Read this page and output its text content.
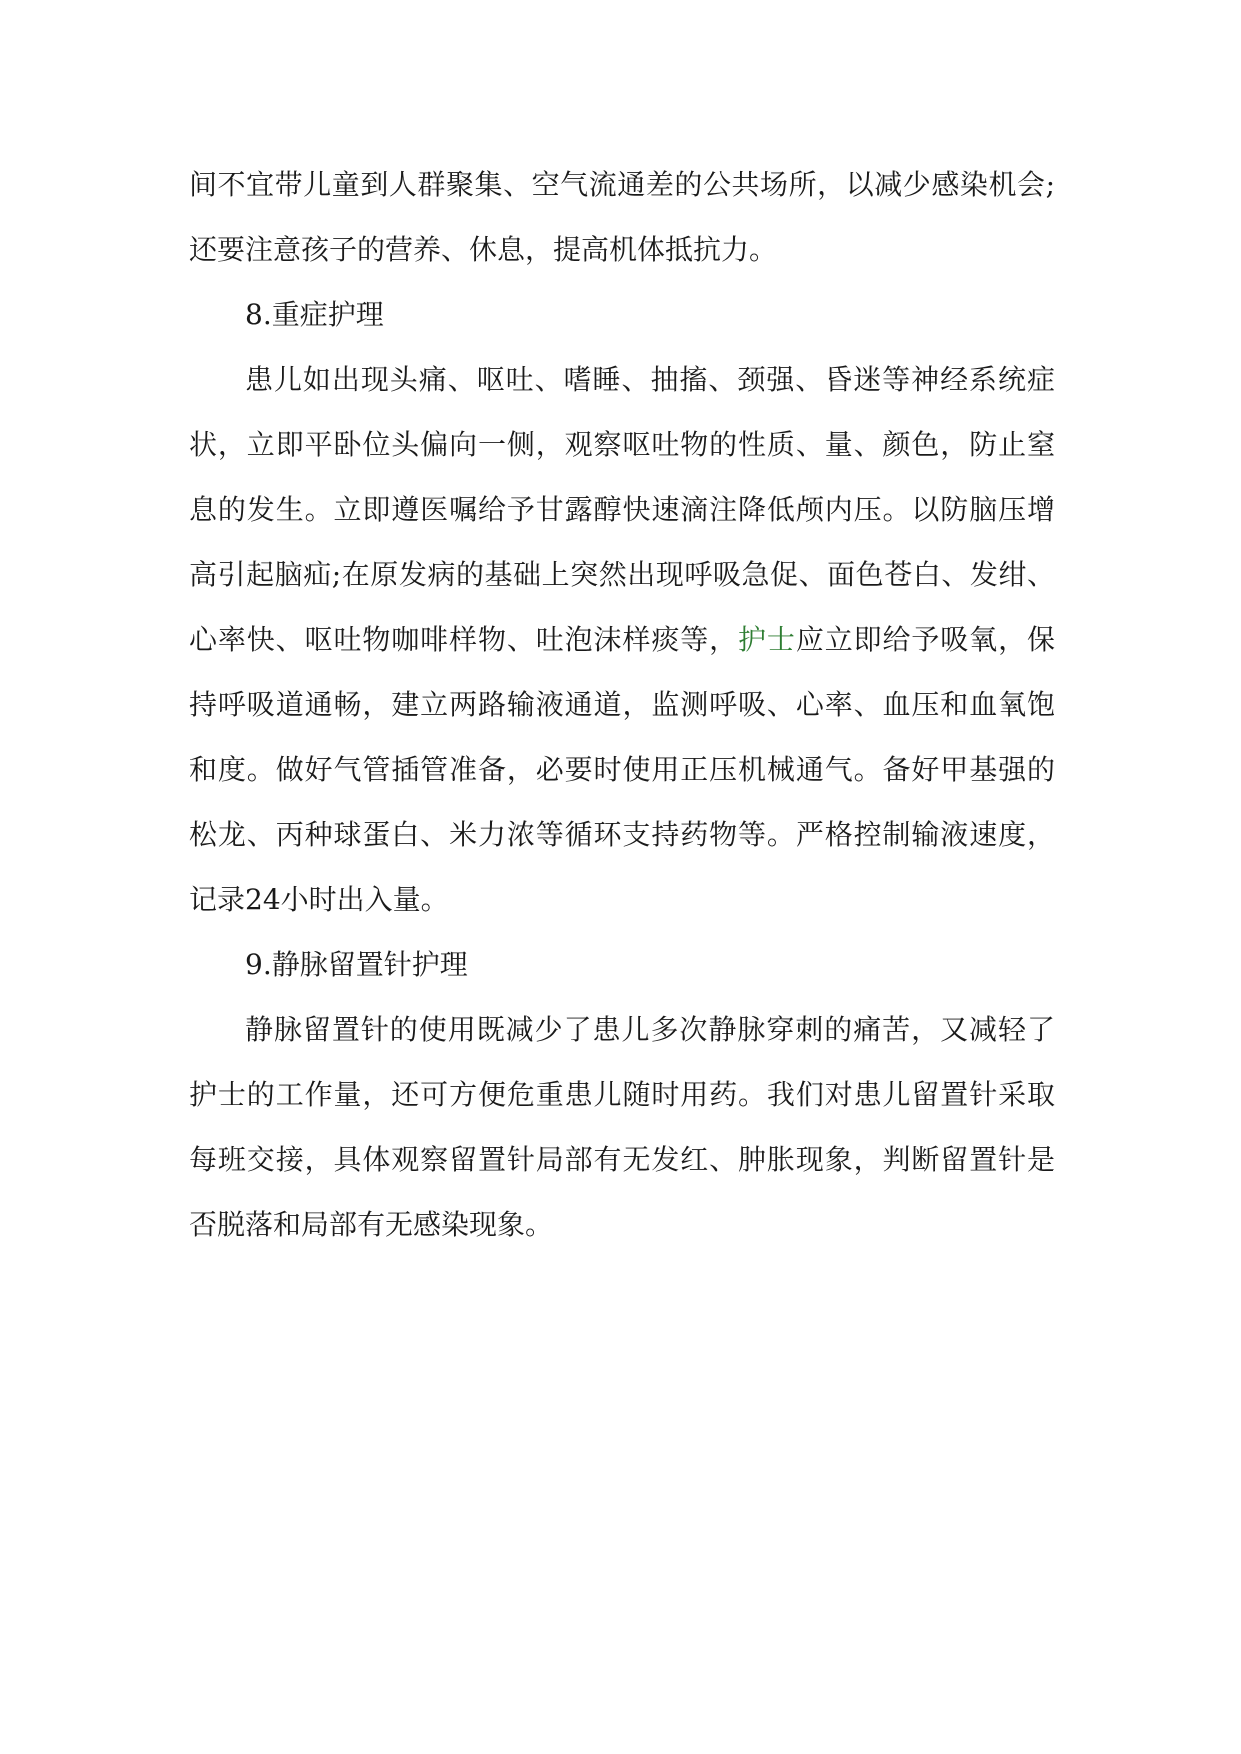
间不宜带儿童到人群聚集、空气流通差的公共场所，以减少感染机会;还要注意孩子的营养、休息，提高机体抵抗力。

8.重症护理

患儿如出现头痛、呕吐、嗜睡、抽搐、颈强、昏迷等神经系统症状，立即平卧位头偏向一侧，观察呕吐物的性质、量、颜色，防止窒息的发生。立即遵医嘱给予甘露醇快速滴注降低颅内压。以防脑压增高引起脑疝;在原发病的基础上突然出现呼吸急促、面色苍白、发绀、心率快、呕吐物咖啡样物、吐泡沫样痰等，护士应立即给予吸氧，保持呼吸道通畅，建立两路输液通道，监测呼吸、心率、血压和血氧饱和度。做好气管插管准备，必要时使用正压机械通气。备好甲基强的松龙、丙种球蛋白、米力浓等循环支持药物等。严格控制输液速度，记录24小时出入量。

9.静脉留置针护理

静脉留置针的使用既减少了患儿多次静脉穿刺的痛苦，又减轻了护士的工作量，还可方便危重患儿随时用药。我们对患儿留置针采取每班交接，具体观察留置针局部有无发红、肿胀现象，判断留置针是否脱落和局部有无感染现象。
